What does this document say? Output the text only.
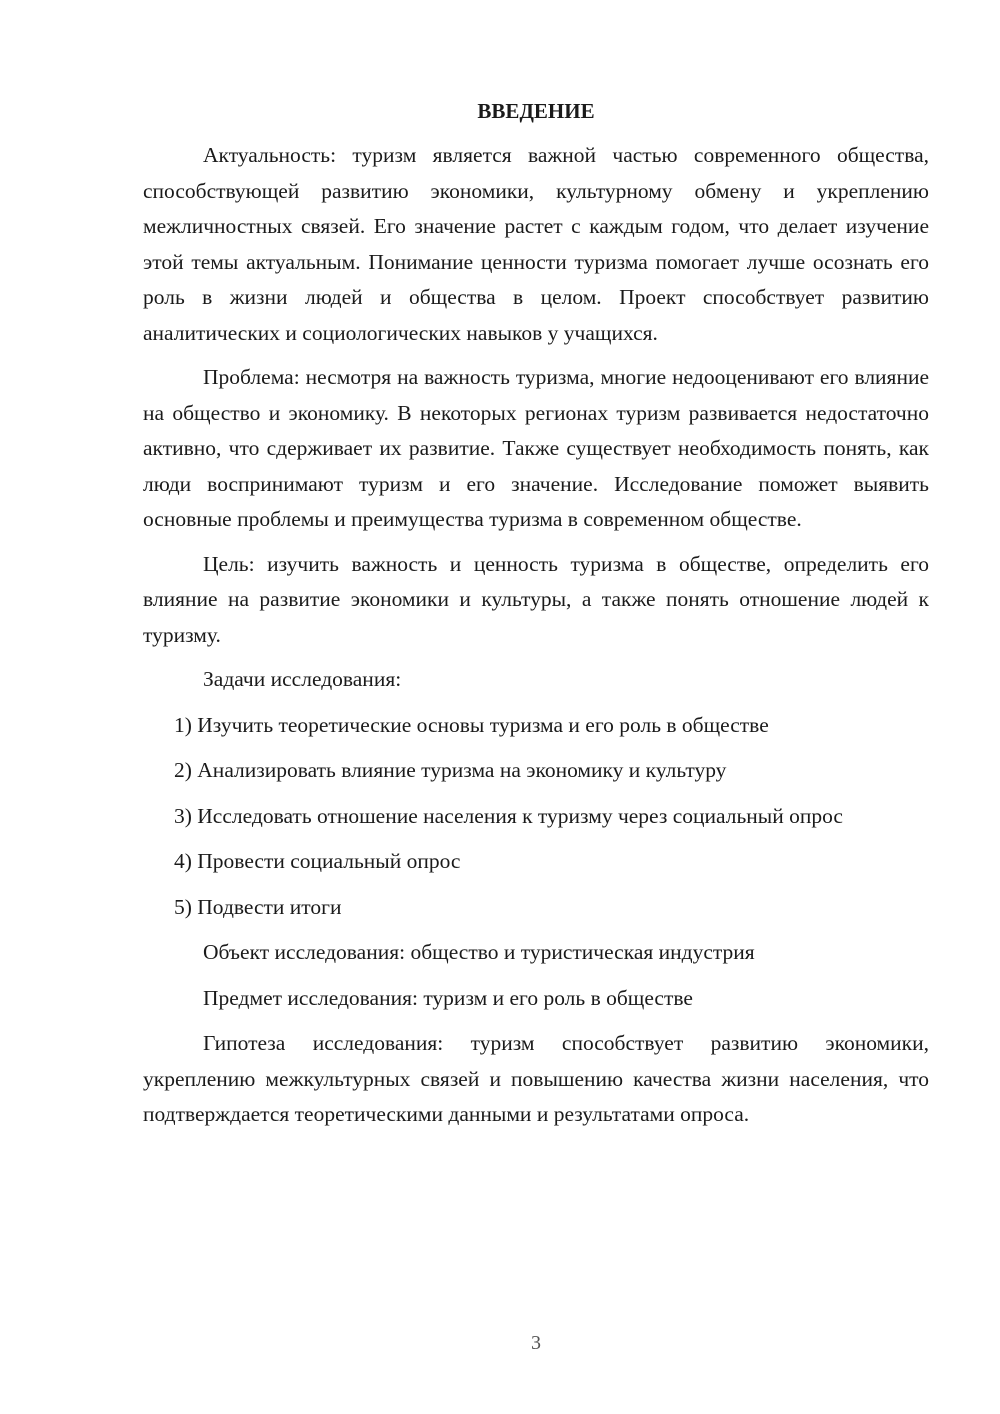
ВВЕДЕНИЕ

Актуальность: туризм является важной частью современного общества, способствующей развитию экономики, культурному обмену и укреплению межличностных связей. Его значение растет с каждым годом, что делает изучение этой темы актуальным. Понимание ценности туризма помогает лучше осознать его роль в жизни людей и общества в целом. Проект способствует развитию аналитических и социологических навыков у учащихся.

Проблема: несмотря на важность туризма, многие недооценивают его влияние на общество и экономику. В некоторых регионах туризм развивается недостаточно активно, что сдерживает их развитие. Также существует необходимость понять, как люди воспринимают туризм и его значение. Исследование поможет выявить основные проблемы и преимущества туризма в современном обществе.

Цель: изучить важность и ценность туризма в обществе, определить его влияние на развитие экономики и культуры, а также понять отношение людей к туризму.

Задачи исследования:
1) Изучить теоретические основы туризма и его роль в обществе
2) Анализировать влияние туризма на экономику и культуру
3) Исследовать отношение населения к туризму через социальный опрос
4) Провести социальный опрос
5) Подвести итоги
Объект исследования: общество и туристическая индустрия
Предмет исследования: туризм и его роль в обществе

Гипотеза исследования: туризм способствует развитию экономики, укреплению межкультурных связей и повышению качества жизни населения, что подтверждается теоретическими данными и результатами опроса.

3
